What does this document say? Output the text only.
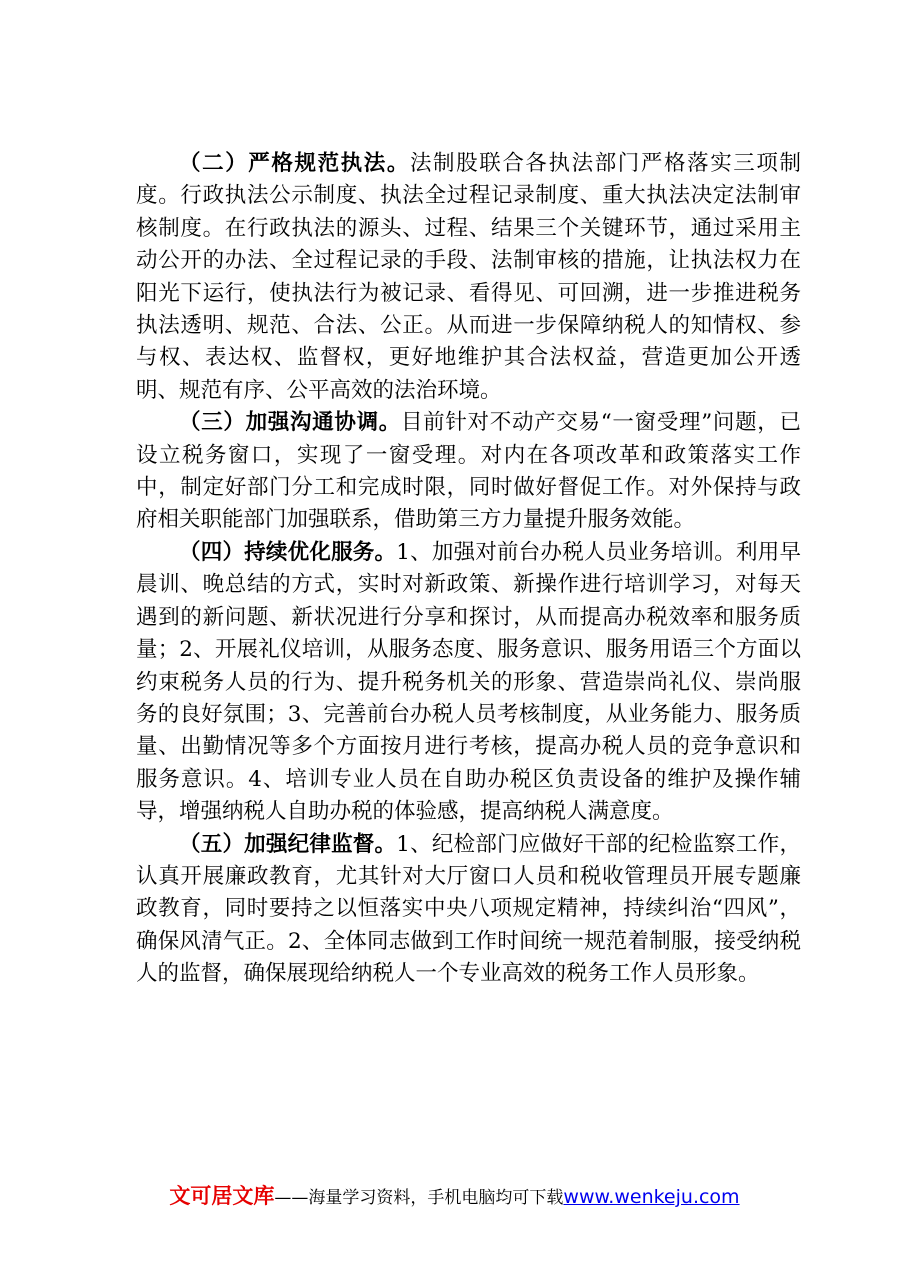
（二）严格规范执法。法制股联合各执法部门严格落实三项制度。行政执法公示制度、执法全过程记录制度、重大执法决定法制审核制度。在行政执法的源头、过程、结果三个关键环节，通过采用主动公开的办法、全过程记录的手段、法制审核的措施，让执法权力在阳光下运行，使执法行为被记录、看得见、可回溯，进一步推进税务执法透明、规范、合法、公正。从而进一步保障纳税人的知情权、参与权、表达权、监督权，更好地维护其合法权益，营造更加公开透明、规范有序、公平高效的法治环境。

（三）加强沟通协调。目前针对不动产交易“一窗受理”问题，已设立税务窗口，实现了一窗受理。对内在各项改革和政策落实工作中，制定好部门分工和完成时限，同时做好督促工作。对外保持与政府相关职能部门加强联系，借助第三方力量提升服务效能。

（四）持续优化服务。1、加强对前台办税人员业务培训。利用早晨训、晚总结的方式，实时对新政策、新操作进行培训学习，对每天遇到的新问题、新状况进行分享和探讨，从而提高办税效率和服务质量；2、开展礼仪培训，从服务态度、服务意识、服务用语三个方面以约束税务人员的行为、提升税务机关的形象、营造崇尚礼仪、崇尚服务的良好氛围；3、完善前台办税人员考核制度，从业务能力、服务质量、出勤情况等多个方面按月进行考核，提高办税人员的竞争意识和服务意识。4、培训专业人员在自助办税区负责设备的维护及操作辅导，增强纳税人自助办税的体验感，提高纳税人满意度。

（五）加强纪律监督。1、纪检部门应做好干部的纪检监察工作，认真开展廉政教育，尤其针对大厅窗口人员和税收管理员开展专题廉政教育，同时要持之以恒落实中央八项规定精神，持续纠治“四风”，确保风清气正。2、全体同志做到工作时间统一规范着制服，接受纳税人的监督，确保展现给纳税人一个专业高效的税务工作人员形象。

文可居文库——海量学习资料，手机电脑均可下载www.wenkeju.com
